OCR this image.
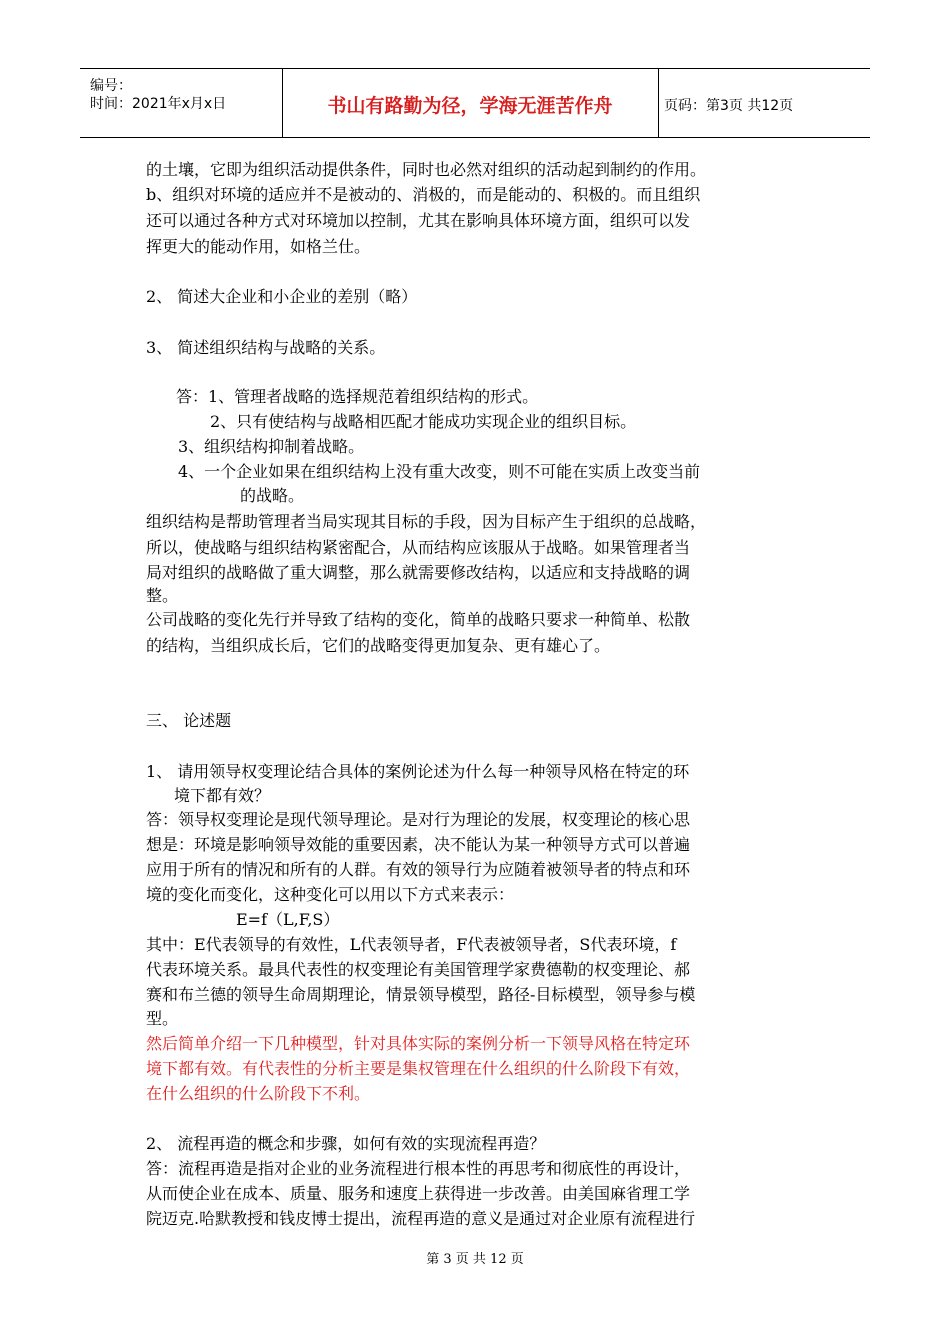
编号：
时间：2021年x月x日	书山有路勤为径，学海无涯苦作舟	页码：第3页 共12页
的土壤，它即为组织活动提供条件，同时也必然对组织的活动起到制约的作用。
b、组织对环境的适应并不是被动的、消极的，而是能动的、积极的。而且组织
还可以通过各种方式对环境加以控制，尤其在影响具体环境方面，组织可以发
挥更大的能动作用，如格兰仕。
2、 简述大企业和小企业的差别（略）
3、 简述组织结构与战略的关系。
答：1、管理者战略的选择规范着组织结构的形式。
2、只有使结构与战略相匹配才能成功实现企业的组织目标。
3、组织结构抑制着战略。
4、一个企业如果在组织结构上没有重大改变，则不可能在实质上改变当前
的战略。
组织结构是帮助管理者当局实现其目标的手段，因为目标产生于组织的总战略，
所以，使战略与组织结构紧密配合，从而结构应该服从于战略。如果管理者当
局对组织的战略做了重大调整，那么就需要修改结构，以适应和支持战略的调
整。
公司战略的变化先行并导致了结构的变化，简单的战略只要求一种简单、松散
的结构，当组织成长后，它们的战略变得更加复杂、更有雄心了。
三、 论述题
1、 请用领导权变理论结合具体的案例论述为什么每一种领导风格在特定的环
境下都有效？
答：领导权变理论是现代领导理论。是对行为理论的发展，权变理论的核心思
想是：环境是影响领导效能的重要因素，决不能认为某一种领导方式可以普遍
应用于所有的情况和所有的人群。有效的领导行为应随着被领导者的特点和环
境的变化而变化，这种变化可以用以下方式来表示：
E=f（L,F,S）
其中：E代表领导的有效性，L代表领导者，F代表被领导者，S代表环境，f
代表环境关系。最具代表性的权变理论有美国管理学家费德勒的权变理论、郝
赛和布兰德的领导生命周期理论，情景领导模型，路径-目标模型，领导参与模
型。
然后简单介绍一下几种模型，针对具体实际的案例分析一下领导风格在特定环
境下都有效。有代表性的分析主要是集权管理在什么组织的什么阶段下有效，
在什么组织的什么阶段下不利。
2、 流程再造的概念和步骤，如何有效的实现流程再造？
答：流程再造是指对企业的业务流程进行根本性的再思考和彻底性的再设计，
从而使企业在成本、质量、服务和速度上获得进一步改善。由美国麻省理工学
院迈克.哈默教授和钱皮博士提出，流程再造的意义是通过对企业原有流程进行
第 3 页 共 12 页
